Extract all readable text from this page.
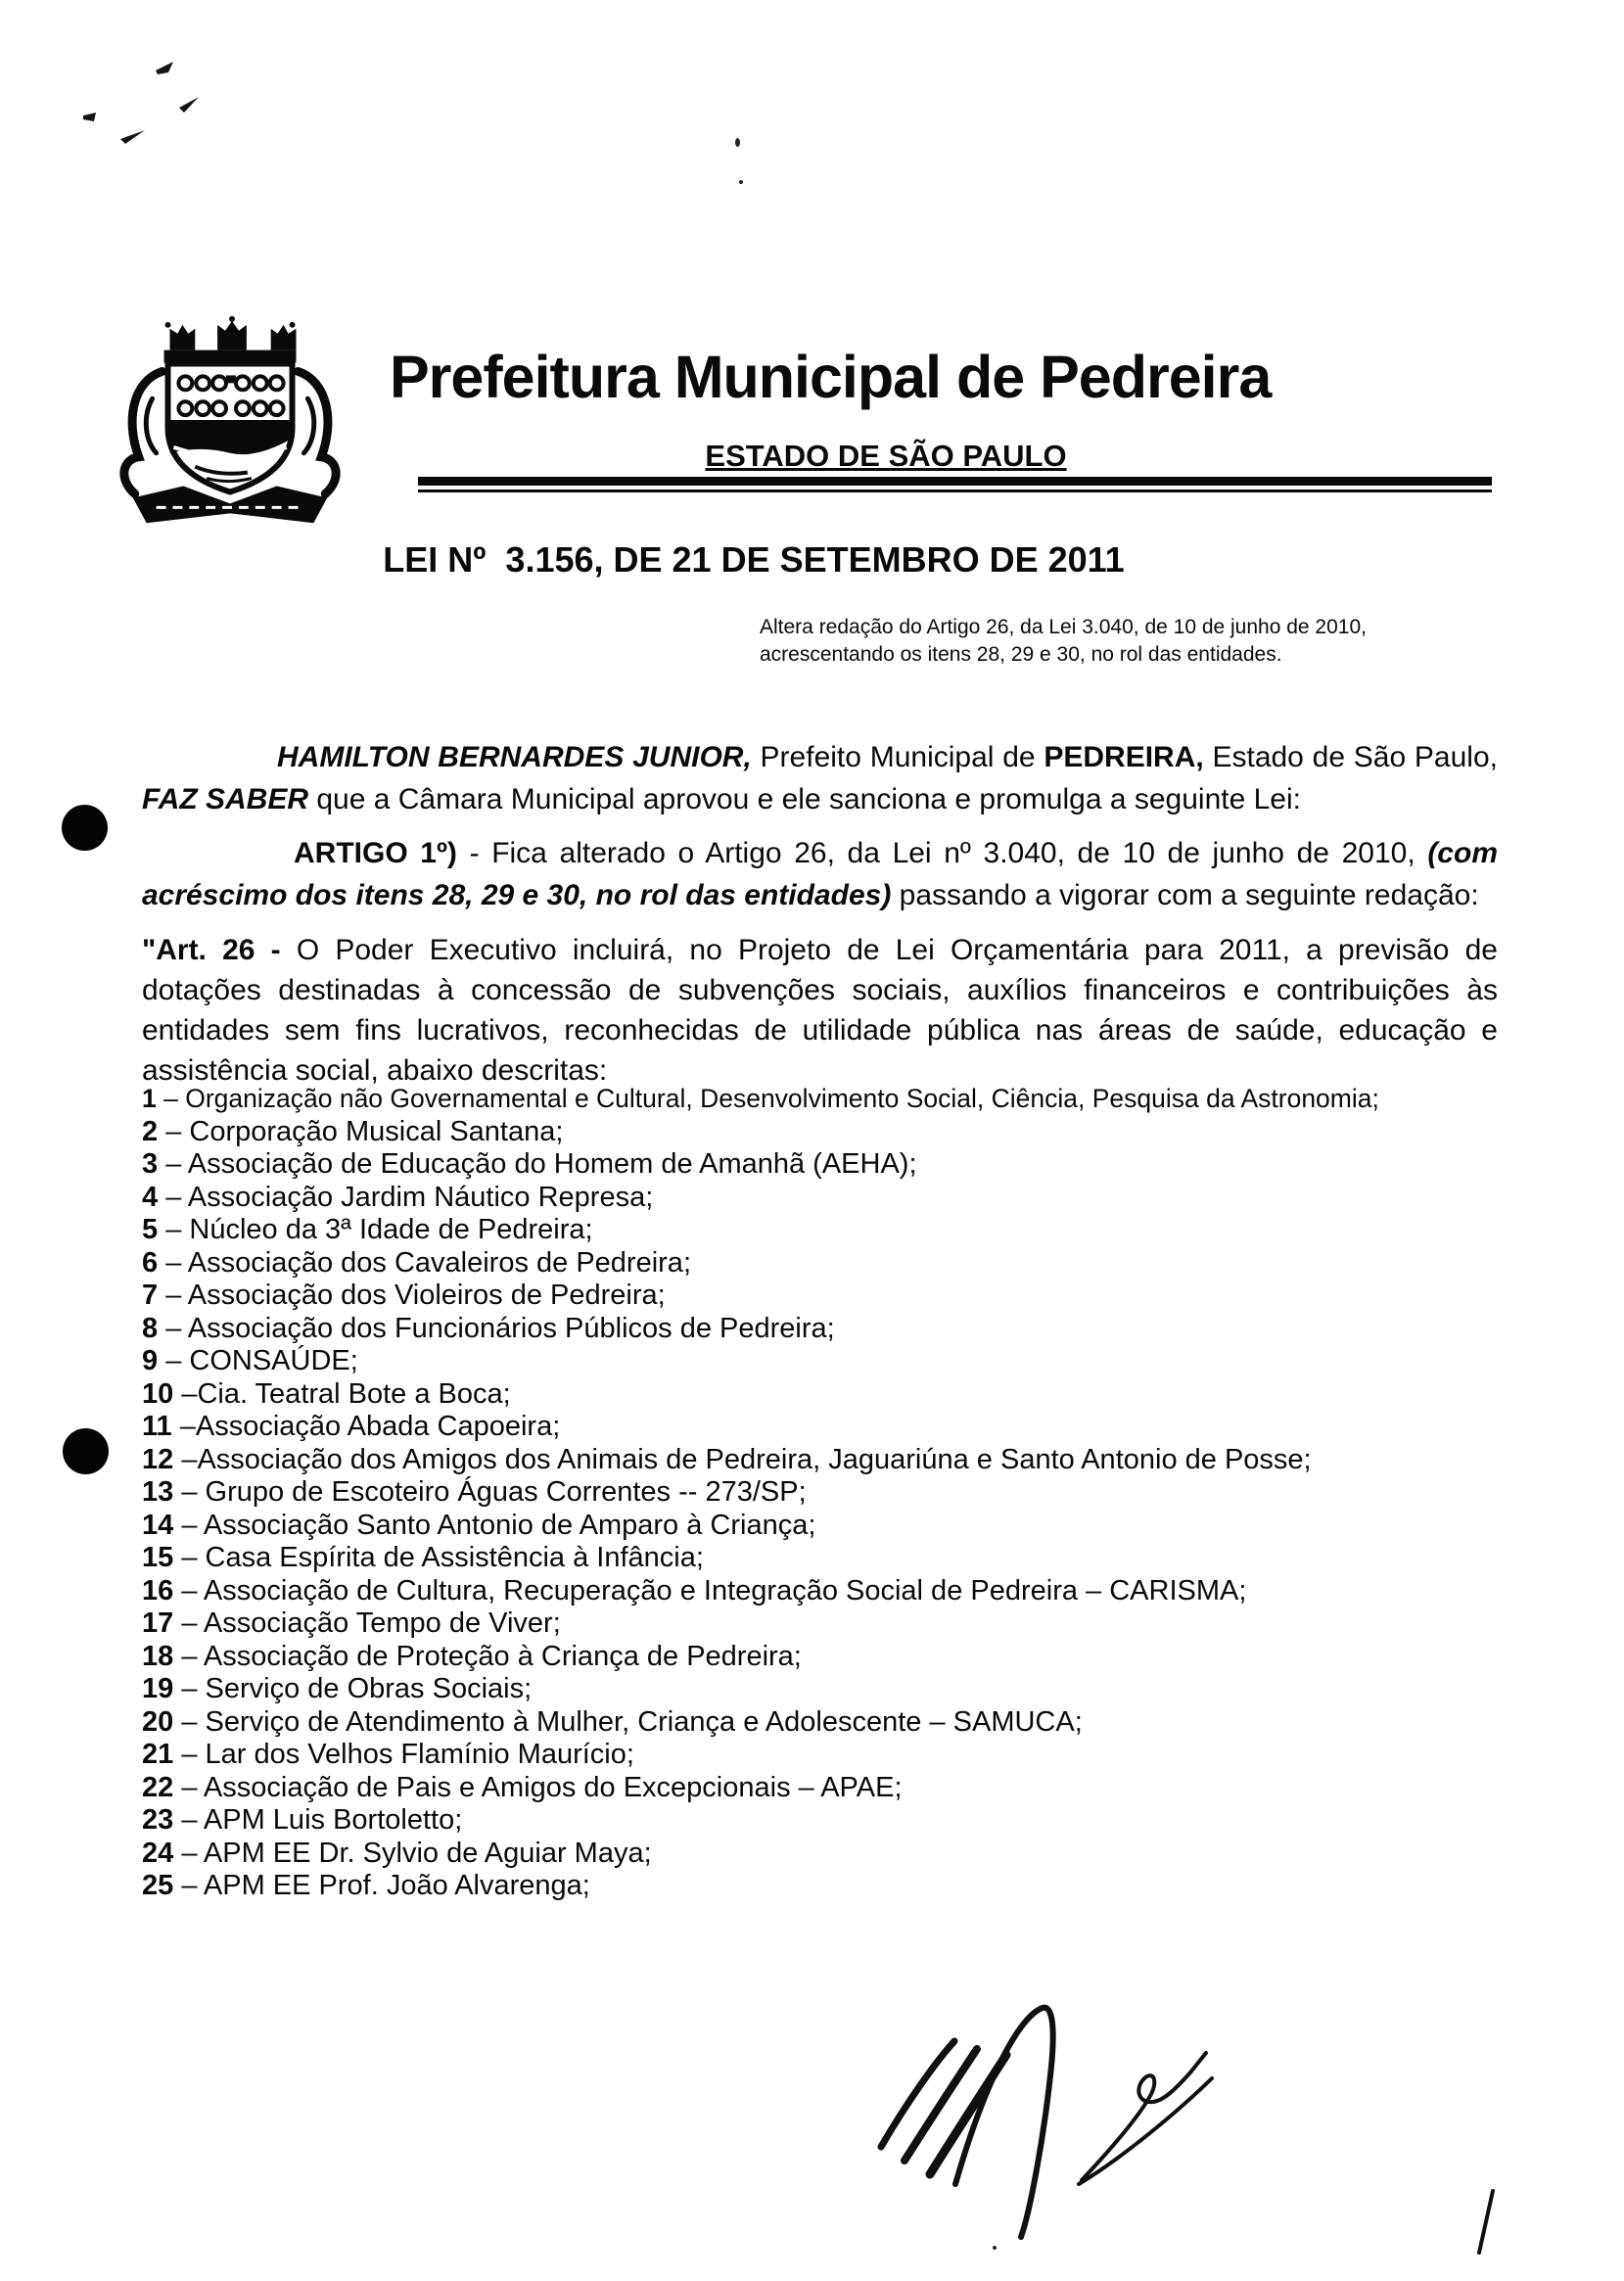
Prefeitura Municipal de Pedreira
ESTADO DE SÃO PAULO
LEI Nº  3.156, DE 21 DE SETEMBRO DE 2011
Altera redação do Artigo 26, da Lei 3.040, de 10 de junho de 2010,
acrescentando os itens 28, 29 e 30, no rol das entidades.

HAMILTON BERNARDES JUNIOR, Prefeito Municipal de PEDREIRA, Estado de São Paulo, FAZ SABER que a Câmara Municipal aprovou e ele sanciona e promulga a seguinte Lei:

ARTIGO 1º) - Fica alterado o Artigo 26, da Lei nº 3.040, de 10 de junho de 2010, (com acréscimo dos itens 28, 29 e 30, no rol das entidades) passando a vigorar com a seguinte redação:

"Art. 26 - O Poder Executivo incluirá, no Projeto de Lei Orçamentária para 2011, a previsão de dotações destinadas à concessão de subvenções sociais, auxílios financeiros e contribuições às entidades sem fins lucrativos, reconhecidas de utilidade pública nas áreas de saúde, educação e assistência social, abaixo descritas:

1 – Organização não Governamental e Cultural, Desenvolvimento Social, Ciência, Pesquisa da Astronomia;
2 – Corporação Musical Santana;
3 – Associação de Educação do Homem de Amanhã (AEHA);
4 – Associação Jardim Náutico Represa;
5 – Núcleo da 3ª Idade de Pedreira;
6 – Associação dos Cavaleiros de Pedreira;
7 – Associação dos Violeiros de Pedreira;
8 – Associação dos Funcionários Públicos de Pedreira;
9 – CONSAÚDE;
10 –Cia. Teatral Bote a Boca;
11 –Associação Abada Capoeira;
12 –Associação dos Amigos dos Animais de Pedreira, Jaguariúna e Santo Antonio de Posse;
13 – Grupo de Escoteiro Águas Correntes -- 273/SP;
14 – Associação Santo Antonio de Amparo à Criança;
15 – Casa Espírita de Assistência à Infância;
16 – Associação de Cultura, Recuperação e Integração Social de Pedreira – CARISMA;
17 – Associação Tempo de Viver;
18 – Associação de Proteção à Criança de Pedreira;
19 – Serviço de Obras Sociais;
20 – Serviço de Atendimento à Mulher, Criança e Adolescente – SAMUCA;
21 – Lar dos Velhos Flamínio Maurício;
22 – Associação de Pais e Amigos do Excepcionais – APAE;
23 – APM Luis Bortoletto;
24 – APM EE Dr. Sylvio de Aguiar Maya;
25 – APM EE Prof. João Alvarenga;
